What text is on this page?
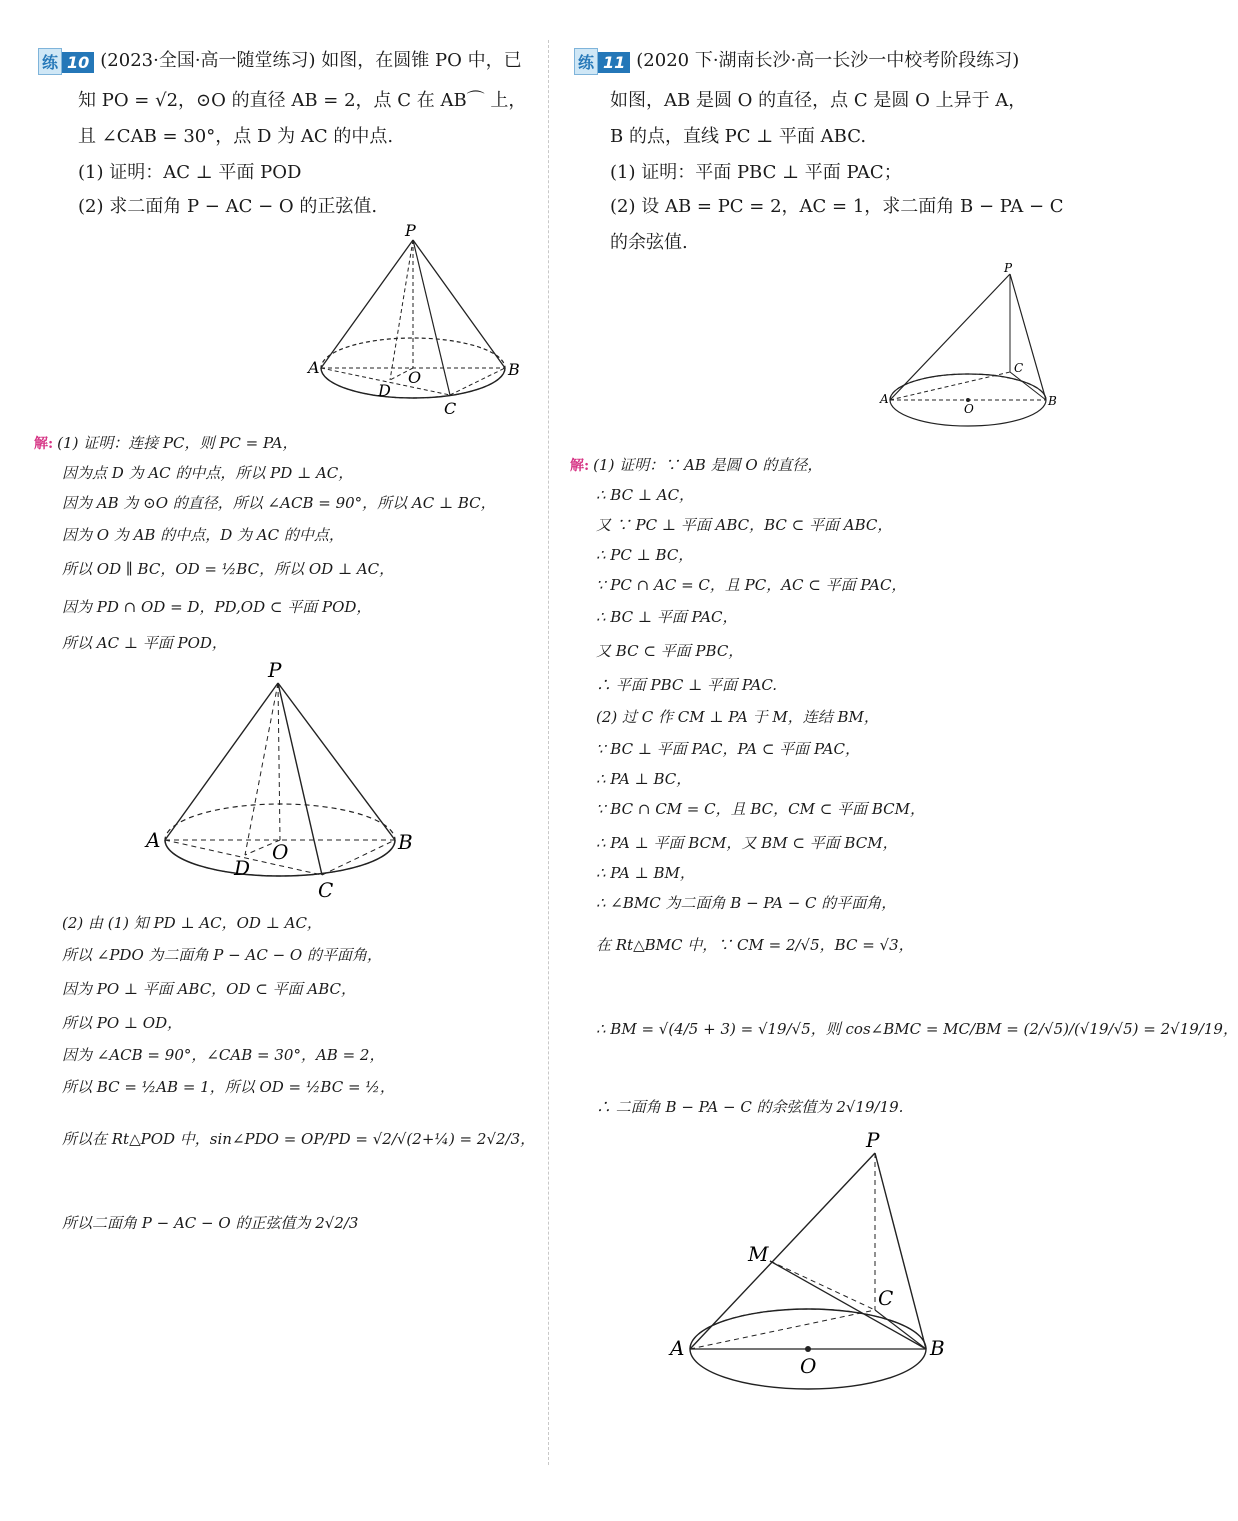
练 10 (2023·全国·高一随堂练习) 如图，在圆锥 PO 中，已
知 PO = √2，⊙O 的直径 AB = 2，点 C 在 AB⌒ 上，
且 ∠CAB = 30°，点 D 为 AC 的中点.
(1) 证明：AC ⊥ 平面 POD
(2) 求二面角 P − AC − O 的正弦值.
P
A	B
O
D
C
解: (1) 证明：连接 PC，则 PC = PA，
因为点 D 为 AC 的中点，所以 PD ⊥ AC，
因为 AB 为 ⊙O 的直径，所以 ∠ACB = 90°，所以 AC ⊥ BC，
因为 O 为 AB 的中点，D 为 AC 的中点，
所以 OD ∥ BC，OD = ½BC，所以 OD ⊥ AC，
因为 PD ∩ OD = D，PD,OD ⊂ 平面 POD，
所以 AC ⊥ 平面 POD，
P
A	B
O
D
C
(2) 由 (1) 知 PD ⊥ AC，OD ⊥ AC，
所以 ∠PDO 为二面角 P − AC − O 的平面角，
因为 PO ⊥ 平面 ABC，OD ⊂ 平面 ABC，
所以 PO ⊥ OD，
因为 ∠ACB = 90°，∠CAB = 30°，AB = 2，
所以 BC = ½AB = 1，所以 OD = ½BC = ½，
所以在 Rt△POD 中，sin∠PDO = OP/PD = √2/√(2+¼) = 2√2/3，
所以二面角 P − AC − O 的正弦值为 2√2/3
练 11 (2020 下·湖南长沙·高一长沙一中校考阶段练习)
如图，AB 是圆 O 的直径，点 C 是圆 O 上异于 A，
B 的点，直线 PC ⊥ 平面 ABC.
(1) 证明：平面 PBC ⊥ 平面 PAC；
(2) 设 AB = PC = 2，AC = 1，求二面角 B − PA − C
的余弦值.
P
A	B
C
O
解: (1) 证明：∵ AB 是圆 O 的直径，
∴ BC ⊥ AC，
又 ∵ PC ⊥ 平面 ABC，BC ⊂ 平面 ABC，
∴ PC ⊥ BC，
∵ PC ∩ AC = C，且 PC，AC ⊂ 平面 PAC，
∴ BC ⊥ 平面 PAC，
又 BC ⊂ 平面 PBC，
∴ 平面 PBC ⊥ 平面 PAC.
(2) 过 C 作 CM ⊥ PA 于 M，连结 BM，
∵ BC ⊥ 平面 PAC，PA ⊂ 平面 PAC，
∴ PA ⊥ BC，
∵ BC ∩ CM = C，且 BC，CM ⊂ 平面 BCM，
∴ PA ⊥ 平面 BCM，又 BM ⊂ 平面 BCM，
∴ PA ⊥ BM，
∴ ∠BMC 为二面角 B − PA − C 的平面角，
在 Rt△BMC 中，∵ CM = 2/√5，BC = √3，
∴ BM = √(4/5 + 3) = √19/√5，则 cos∠BMC = MC/BM = (2/√5)/(√19/√5) = 2√19/19，
∴ 二面角 B − PA − C 的余弦值为 2√19/19.
P
M
C
A	B
O
